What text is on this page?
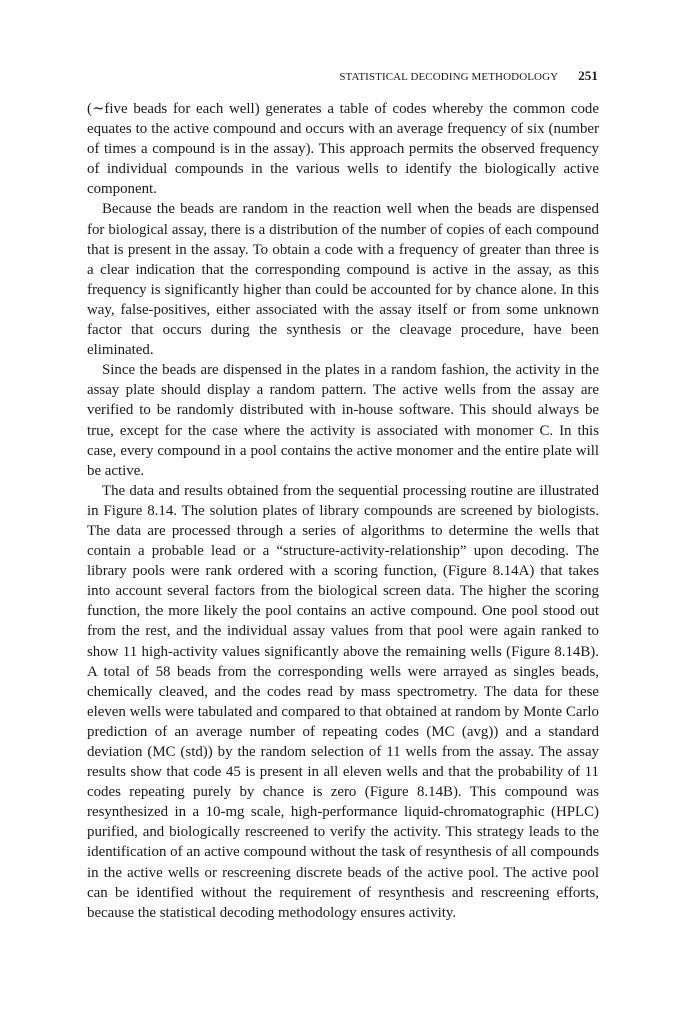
STATISTICAL DECODING METHODOLOGY 251

(∼five beads for each well) generates a table of codes whereby the common code equates to the active compound and occurs with an average frequency of six (number of times a compound is in the assay). This approach permits the observed frequency of individual compounds in the various wells to identify the biologically active component.

Because the beads are random in the reaction well when the beads are dispensed for biological assay, there is a distribution of the number of copies of each compound that is present in the assay. To obtain a code with a frequency of greater than three is a clear indication that the corresponding compound is active in the assay, as this frequency is significantly higher than could be accounted for by chance alone. In this way, false-positives, either associated with the assay itself or from some unknown factor that occurs during the synthesis or the cleavage procedure, have been eliminated.

Since the beads are dispensed in the plates in a random fashion, the activity in the assay plate should display a random pattern. The active wells from the assay are verified to be randomly distributed with in-house software. This should always be true, except for the case where the activity is associated with monomer C. In this case, every compound in a pool contains the active monomer and the entire plate will be active.

The data and results obtained from the sequential processing routine are illustrated in Figure 8.14. The solution plates of library compounds are screened by biologists. The data are processed through a series of algorithms to determine the wells that contain a probable lead or a “structure-activity-relationship” upon decoding. The library pools were rank ordered with a scoring function, (Figure 8.14A) that takes into account several factors from the biological screen data. The higher the scoring function, the more likely the pool contains an active compound. One pool stood out from the rest, and the individual assay values from that pool were again ranked to show 11 high-activity values significantly above the remaining wells (Figure 8.14B). A total of 58 beads from the corresponding wells were arrayed as singles beads, chemically cleaved, and the codes read by mass spectrometry. The data for these eleven wells were tabulated and compared to that obtained at random by Monte Carlo prediction of an average number of repeating codes (MC (avg)) and a standard deviation (MC (std)) by the random selection of 11 wells from the assay. The assay results show that code 45 is present in all eleven wells and that the probability of 11 codes repeating purely by chance is zero (Figure 8.14B). This compound was resynthesized in a 10-mg scale, high-performance liquid-chromatographic (HPLC) purified, and biologically rescreened to verify the activity. This strategy leads to the identification of an active compound without the task of resynthesis of all compounds in the active wells or rescreening discrete beads of the active pool. The active pool can be identified without the requirement of resynthesis and rescreening efforts, because the statistical decoding methodology ensures activity.
